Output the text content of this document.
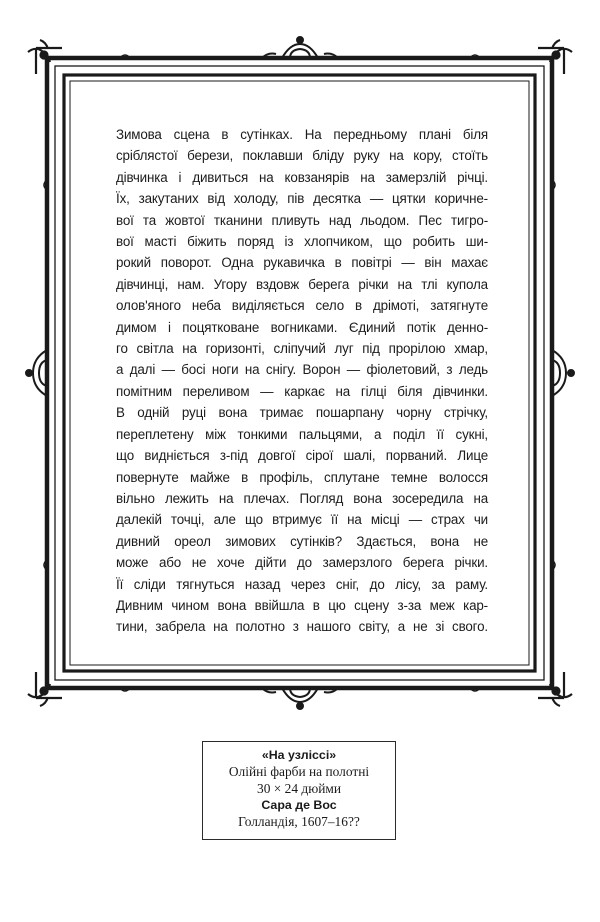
Зимова сцена в сутінках. На передньому плані біля
сріблястої берези, поклавши бліду руку на кору, стоїть
дівчинка і дивиться на ковзанярів на замерзлій річці.
Їх, закутаних від холоду, пів десятка — цятки коричне-
вої та жовтої тканини пливуть над льодом. Пес тигро-
вої масті біжить поряд із хлопчиком, що робить ши-
рокий поворот. Одна рукавичка в повітрі — він махає
дівчинці, нам. Угору вздовж берега річки на тлі купола
олов'яного неба виділяється село в дрімоті, затягнуте
димом і поцятковане вогниками. Єдиний потік денно-
го світла на горизонті, сліпучий луг під прорілою хмар,
а далі — босі ноги на снігу. Ворон — фіолетовий, з ледь
помітним переливом — каркає на гілці біля дівчинки.
В одній руці вона тримає пошарпану чорну стрічку,
переплетену між тонкими пальцями, а поділ її сукні,
що видніється з-під довгої сірої шалі, порваний. Лице
повернуте майже в профіль, сплутане темне волосся
вільно лежить на плечах. Погляд вона зосередила на
далекій точці, але що втримує її на місці — страх чи
дивний ореол зимових сутінків? Здається, вона не
може або не хоче дійти до замерзлого берега річки.
Її сліди тягнуться назад через сніг, до лісу, за раму.
Дивним чином вона ввійшла в цю сцену з-за меж кар-
тини, забрела на полотно з нашого світу, а не зі свого.
«На узліссі»
Олійні фарби на полотні
30 × 24 дюйми
Сара де Вос
Голландія, 1607–16??
